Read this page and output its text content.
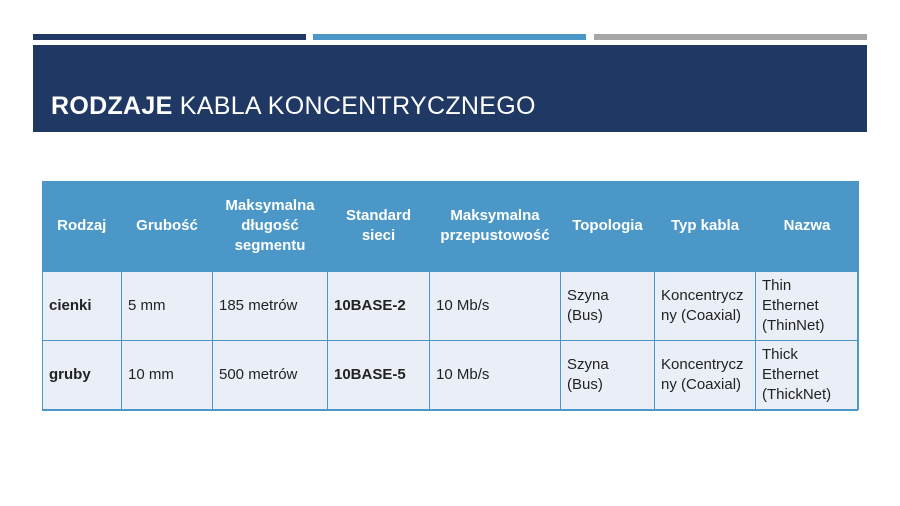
RODZAJE KABLA KONCENTRYCZNEGO
Rodzaj	Grubość	Maksymalna długość segmentu	Standard sieci	Maksymalna przepustowość	Topologia	Typ kabla	Nazwa

cienki	5 mm	185 metrów	10BASE-2	10 Mb/s	Szyna (Bus)	Koncentryczny (Coaxial)	Thin Ethernet (ThinNet)
gruby	10 mm	500 metrów	10BASE-5	10 Mb/s	Szyna (Bus)	Koncentryczny (Coaxial)	Thick Ethernet (ThickNet)
